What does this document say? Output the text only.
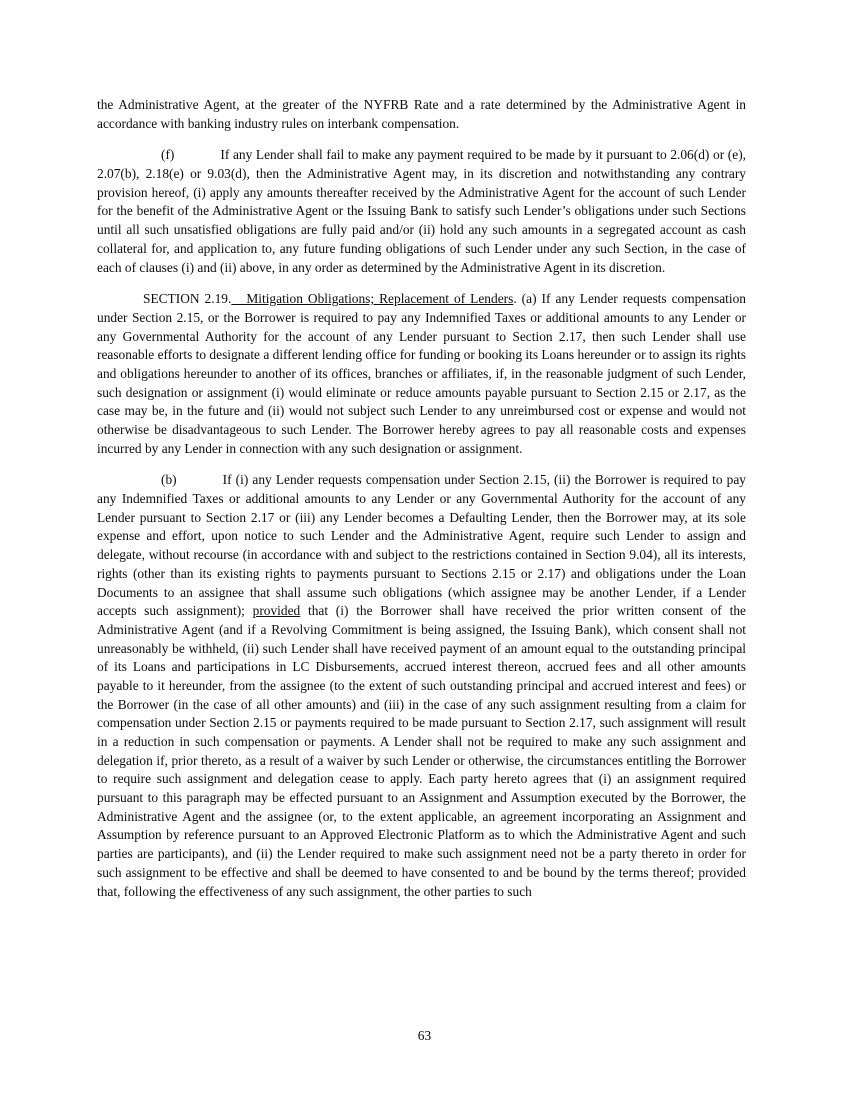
the Administrative Agent, at the greater of the NYFRB Rate and a rate determined by the Administrative Agent in accordance with banking industry rules on interbank compensation.

(f)	If any Lender shall fail to make any payment required to be made by it pursuant to 2.06(d) or (e), 2.07(b), 2.18(e) or 9.03(d), then the Administrative Agent may, in its discretion and notwithstanding any contrary provision hereof, (i) apply any amounts thereafter received by the Administrative Agent for the account of such Lender for the benefit of the Administrative Agent or the Issuing Bank to satisfy such Lender’s obligations under such Sections until all such unsatisfied obligations are fully paid and/or (ii) hold any such amounts in a segregated account as cash collateral for, and application to, any future funding obligations of such Lender under any such Section, in the case of each of clauses (i) and (ii) above, in any order as determined by the Administrative Agent in its discretion.

SECTION 2.19. Mitigation Obligations; Replacement of Lenders. (a) If any Lender requests compensation under Section 2.15, or the Borrower is required to pay any Indemnified Taxes or additional amounts to any Lender or any Governmental Authority for the account of any Lender pursuant to Section 2.17, then such Lender shall use reasonable efforts to designate a different lending office for funding or booking its Loans hereunder or to assign its rights and obligations hereunder to another of its offices, branches or affiliates, if, in the reasonable judgment of such Lender, such designation or assignment (i) would eliminate or reduce amounts payable pursuant to Section 2.15 or 2.17, as the case may be, in the future and (ii) would not subject such Lender to any unreimbursed cost or expense and would not otherwise be disadvantageous to such Lender. The Borrower hereby agrees to pay all reasonable costs and expenses incurred by any Lender in connection with any such designation or assignment.

(b)	If (i) any Lender requests compensation under Section 2.15, (ii) the Borrower is required to pay any Indemnified Taxes or additional amounts to any Lender or any Governmental Authority for the account of any Lender pursuant to Section 2.17 or (iii) any Lender becomes a Defaulting Lender, then the Borrower may, at its sole expense and effort, upon notice to such Lender and the Administrative Agent, require such Lender to assign and delegate, without recourse (in accordance with and subject to the restrictions contained in Section 9.04), all its interests, rights (other than its existing rights to payments pursuant to Sections 2.15 or 2.17) and obligations under the Loan Documents to an assignee that shall assume such obligations (which assignee may be another Lender, if a Lender accepts such assignment); provided that (i) the Borrower shall have received the prior written consent of the Administrative Agent (and if a Revolving Commitment is being assigned, the Issuing Bank), which consent shall not unreasonably be withheld, (ii) such Lender shall have received payment of an amount equal to the outstanding principal of its Loans and participations in LC Disbursements, accrued interest thereon, accrued fees and all other amounts payable to it hereunder, from the assignee (to the extent of such outstanding principal and accrued interest and fees) or the Borrower (in the case of all other amounts) and (iii) in the case of any such assignment resulting from a claim for compensation under Section 2.15 or payments required to be made pursuant to Section 2.17, such assignment will result in a reduction in such compensation or payments. A Lender shall not be required to make any such assignment and delegation if, prior thereto, as a result of a waiver by such Lender or otherwise, the circumstances entitling the Borrower to require such assignment and delegation cease to apply. Each party hereto agrees that (i) an assignment required pursuant to this paragraph may be effected pursuant to an Assignment and Assumption executed by the Borrower, the Administrative Agent and the assignee (or, to the extent applicable, an agreement incorporating an Assignment and Assumption by reference pursuant to an Approved Electronic Platform as to which the Administrative Agent and such parties are participants), and (ii) the Lender required to make such assignment need not be a party thereto in order for such assignment to be effective and shall be deemed to have consented to and be bound by the terms thereof; provided that, following the effectiveness of any such assignment, the other parties to such

63
